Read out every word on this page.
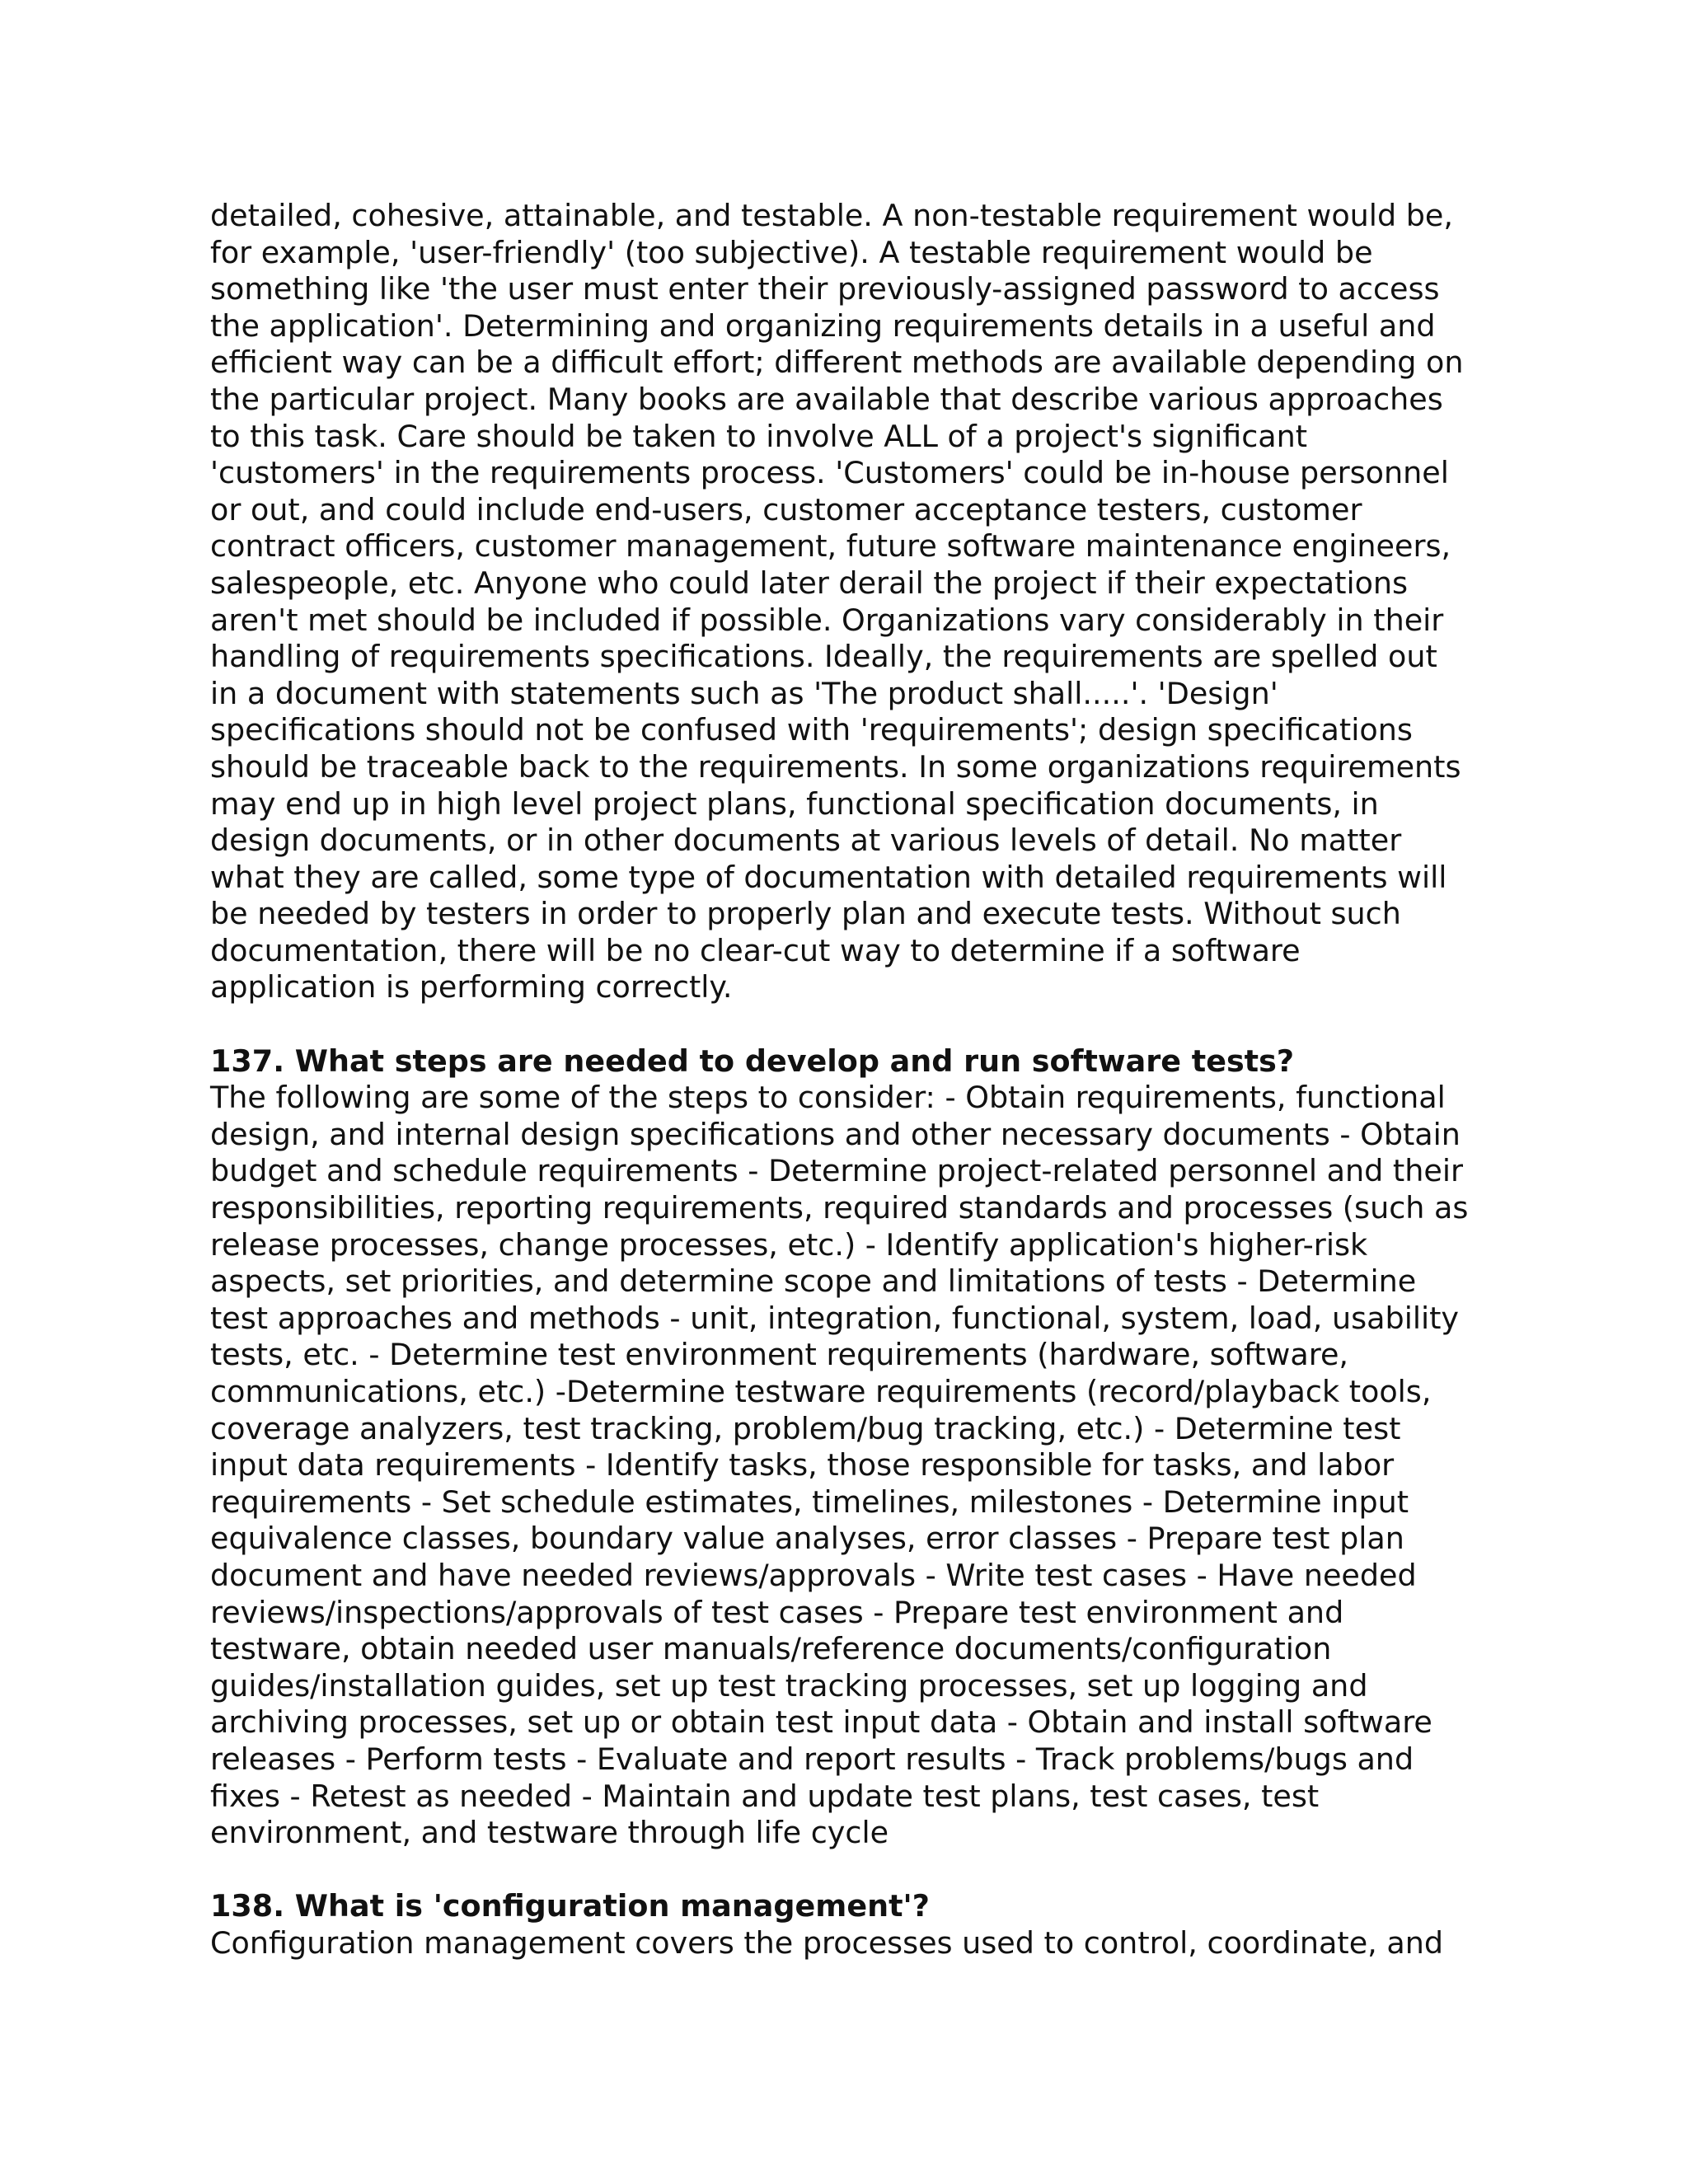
detailed, cohesive, attainable, and testable. A non-testable requirement would be,
for example, 'user-friendly' (too subjective). A testable requirement would be
something like 'the user must enter their previously-assigned password to access
the application'. Determining and organizing requirements details in a useful and
efficient way can be a difficult effort; different methods are available depending on
the particular project. Many books are available that describe various approaches
to this task. Care should be taken to involve ALL of a project's significant
'customers' in the requirements process. 'Customers' could be in-house personnel
or out, and could include end-users, customer acceptance testers, customer
contract officers, customer management, future software maintenance engineers,
salespeople, etc. Anyone who could later derail the project if their expectations
aren't met should be included if possible. Organizations vary considerably in their
handling of requirements specifications. Ideally, the requirements are spelled out
in a document with statements such as 'The product shall.....'. 'Design'
specifications should not be confused with 'requirements'; design specifications
should be traceable back to the requirements. In some organizations requirements
may end up in high level project plans, functional specification documents, in
design documents, or in other documents at various levels of detail. No matter
what they are called, some type of documentation with detailed requirements will
be needed by testers in order to properly plan and execute tests. Without such
documentation, there will be no clear-cut way to determine if a software
application is performing correctly.
137. What steps are needed to develop and run software tests?
The following are some of the steps to consider: - Obtain requirements, functional
design, and internal design specifications and other necessary documents - Obtain
budget and schedule requirements - Determine project-related personnel and their
responsibilities, reporting requirements, required standards and processes (such as
release processes, change processes, etc.) - Identify application's higher-risk
aspects, set priorities, and determine scope and limitations of tests - Determine
test approaches and methods - unit, integration, functional, system, load, usability
tests, etc. - Determine test environment requirements (hardware, software,
communications, etc.) -Determine testware requirements (record/playback tools,
coverage analyzers, test tracking, problem/bug tracking, etc.) - Determine test
input data requirements - Identify tasks, those responsible for tasks, and labor
requirements - Set schedule estimates, timelines, milestones - Determine input
equivalence classes, boundary value analyses, error classes - Prepare test plan
document and have needed reviews/approvals - Write test cases - Have needed
reviews/inspections/approvals of test cases - Prepare test environment and
testware, obtain needed user manuals/reference documents/configuration
guides/installation guides, set up test tracking processes, set up logging and
archiving processes, set up or obtain test input data - Obtain and install software
releases - Perform tests - Evaluate and report results - Track problems/bugs and
fixes - Retest as needed - Maintain and update test plans, test cases, test
environment, and testware through life cycle
138. What is 'configuration management'?
Configuration management covers the processes used to control, coordinate, and
